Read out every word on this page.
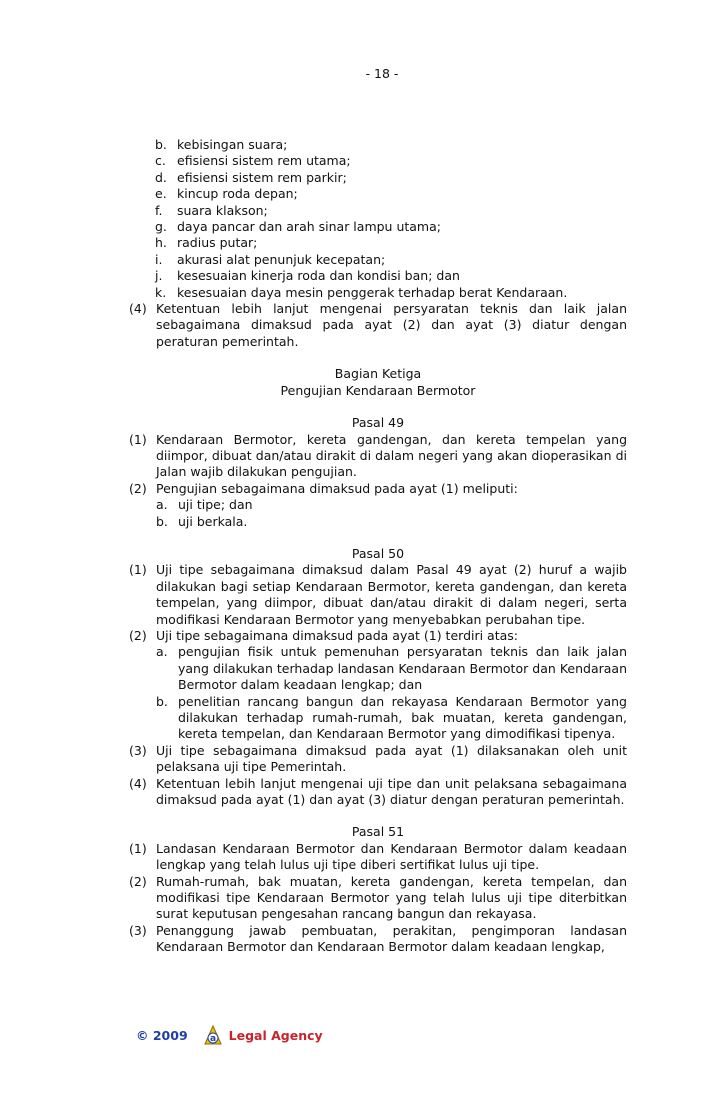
- 18 -
b. kebisingan suara;
c. efisiensi sistem rem utama;
d. efisiensi sistem rem parkir;
e. kincup roda depan;
f.	suara klakson;
g. daya pancar dan arah sinar lampu utama;
h. radius putar;
i.	akurasi alat penunjuk kecepatan;
j.	kesesuaian kinerja roda dan kondisi ban; dan
k. kesesuaian daya mesin penggerak terhadap berat Kendaraan.
(4) Ketentuan lebih lanjut mengenai persyaratan teknis dan laik jalan sebagaimana dimaksud pada ayat (2) dan ayat (3) diatur dengan peraturan pemerintah.
Bagian Ketiga
Pengujian Kendaraan Bermotor
Pasal 49
(1) Kendaraan Bermotor, kereta gandengan, dan kereta tempelan yang diimpor, dibuat dan/atau dirakit di dalam negeri yang akan dioperasikan di Jalan wajib dilakukan pengujian.
(2) Pengujian sebagaimana dimaksud pada ayat (1) meliputi:
a. uji tipe; dan
b. uji berkala.
Pasal 50
(1) Uji tipe sebagaimana dimaksud dalam Pasal 49 ayat (2) huruf a wajib dilakukan bagi setiap Kendaraan Bermotor, kereta gandengan, dan kereta tempelan, yang diimpor, dibuat dan/atau dirakit di dalam negeri, serta modifikasi Kendaraan Bermotor yang menyebabkan perubahan tipe.
(2) Uji tipe sebagaimana dimaksud pada ayat (1) terdiri atas:
a. pengujian fisik untuk pemenuhan persyaratan teknis dan laik jalan yang dilakukan terhadap landasan Kendaraan Bermotor dan Kendaraan Bermotor dalam keadaan lengkap; dan
b. penelitian rancang bangun dan rekayasa Kendaraan Bermotor yang dilakukan terhadap rumah-rumah, bak muatan, kereta gandengan, kereta tempelan, dan Kendaraan Bermotor yang dimodifikasi tipenya.
(3) Uji tipe sebagaimana dimaksud pada ayat (1) dilaksanakan oleh unit pelaksana uji tipe Pemerintah.
(4) Ketentuan lebih lanjut mengenai uji tipe dan unit pelaksana sebagaimana dimaksud pada ayat (1) dan ayat (3) diatur dengan peraturan pemerintah.
Pasal 51
(1) Landasan Kendaraan Bermotor dan Kendaraan Bermotor dalam keadaan lengkap yang telah lulus uji tipe diberi sertifikat lulus uji tipe.
(2) Rumah-rumah, bak muatan, kereta gandengan, kereta tempelan, dan modifikasi tipe Kendaraan Bermotor yang telah lulus uji tipe diterbitkan surat keputusan pengesahan rancang bangun dan rekayasa.
(3) Penanggung jawab pembuatan, perakitan, pengimporan landasan Kendaraan Bermotor dan Kendaraan Bermotor dalam keadaan lengkap,
© 2009 a Legal Agency
